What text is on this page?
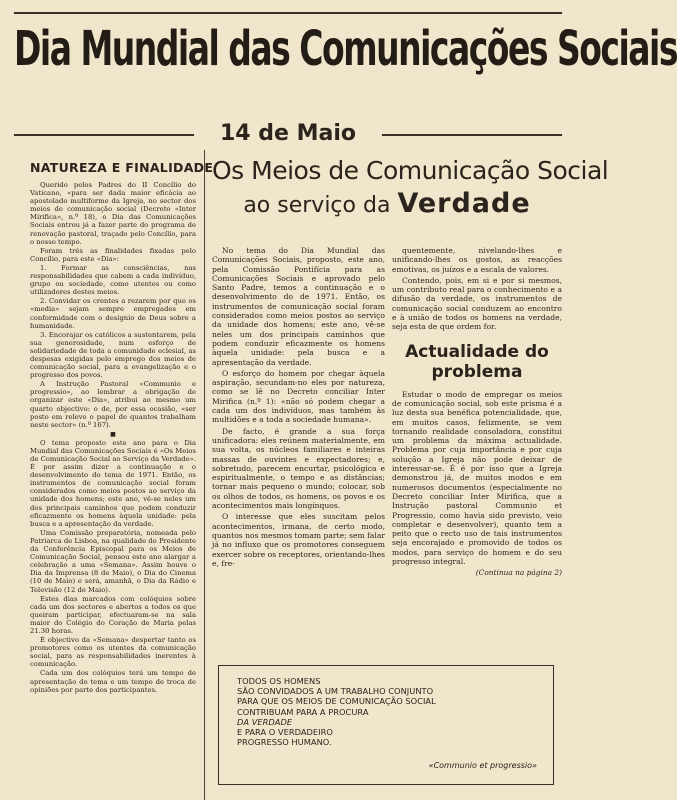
Dia Mundial das Comunicações Sociais
14 de Maio
NATUREZA E FINALIDADE

Querido pelos Padres do II Concílio do Vaticano, «para ser dada maior eficácia ao apostolado multiforme da Igreja, no sector dos meios de comunicação social (Decreto «Inter Mirifica», n.º 18), o Dia das Comunicações Sociais entrou já a fazer parte do programa de renovação pastoral, traçado pelo Concílio, para o nosso tempo.

Foram três as finalidades fixadas pelo Concílio, para este «Dia»:

1. Formar as consciências, nas responsabilidades que cabem a cada indivíduo, grupo ou sociedade, como utentes ou como utilizadores destes meios.

2. Convidar os crentes a rezarem por que os «media» sejam sempre empregados em conformidade com o desígnio de Deus sobre a humanidade.

3. Encorajar os católicos a sustentarem, pela sua generosidade, num esforço de solidariedade de toda a comunidade eclesial, as despesas exigidas pelo emprego dos meios de comunicação social, para a evangelização e o progresso dos povos.

A Instrução Pastoral «Communio e progressio», ao lembrar a obrigação de organizar este «Dia», atribui ao mesmo um quarto objectivo: o de, por essa ocasião, «ser posto em relevo o papel de quantos trabalham neste sector» (n.º 167).

■

O tema proposto este ano para o Dia Mundial das Comunicações Sociais é «Os Meios de Comunicação Social ao Serviço da Verdade». É por assim dizer a continuação e o desenvolvimento do tema de 1971. Então, os instrumentos de comunicação social foram considerados como meios postos ao serviço da unidade dos homens; este ano, vê-se neles um dos principais caminhos que podem conduzir eficazmente os homens àquela unidade: pela busca e a apresentação da verdade.

Uma Comissão preparatória, nomeada pelo Patriarca de Lisboa, na qualidade de Presidente da Conferência Episcopal para os Meios de Comunicação Social, pensou este ano alargar a celebração a uma «Semana». Assim houve o Dia da Imprensa (8 de Maio), o Dia do Cinema (10 de Maio) e será, amanhã, o Dia da Rádio e Televisão (12 de Maio).

Estes dias marcados com colóquios sobre cada um dos sectores e abertos a todos os que queiram participar, efectuaram-se na sala maior do Colégio do Coração de Maria pelas 21.30 horas.

É objectivo da «Semana» despertar tanto os promotores como os utentes da comunicação social, para as responsabilidades inerentes à comunicação.

Cada um dos colóquios terá um tempo de apresentação do tema e um tempo de troca de opiniões por parte dos participantes.

Os Meios de Comunicação Social
ao serviço da Verdade

No tema do Dia Mundial das Comunicações Sociais, proposto, este ano, pela Comissão Pontifícia para as Comunicações Sociais e aprovado pelo Santo Padre, temos a continuação e o desenvolvimento do de 1971. Então, os instrumentos de comunicação social foram considerados como meios postos ao serviço da unidade dos homens; este ano, vê-se neles um dos principais caminhos que podem conduzir eficazmente os homens àquela unidade: pela busca e a apresentação da verdade.

O esforço do homem por chegar àquela aspiração, secundam-no eles por natureza, como se lê no Decreto conciliar Inter Mirifica (n.º 1): «não só podem chegar a cada um dos indivíduos, mas também às multidões e a toda a sociedade humana».

De facto, é grande a sua força unificadora: eles reúnem materialmente, em sua volta, os núcleos familiares e inteiras massas de ouvintes e expectadores; e, sobretudo, parecem encurtar, psicológica e espiritualmente, o tempo e as distâncias; tornar mais pequeno o mundo; colocar, sob os olhos de todos, os homens, os povos e os acontecimentos mais longínquos.

O interesse que eles suscitam pelos acontecimentos, irmana, de certo modo, quantos nos mesmos tomam parte; sem falar já no influxo que os promotores conseguem exercer sobre os receptores, orientando-lhes e, fre-

quentemente, nivelando-lhes e unificando-lhes os gostos, as reacções emotivas, os juízos e a escala de valores.

Contendo, pois, em si e por si mesmos, um contributo real para o conhecimento e a difusão da verdade, os instrumentos de comunicação social conduzem ao encontro e à união de todos os homens na verdade, seja esta de que ordem for.

Actualidade do problema

Estudar o modo de empregar os meios de comunicação social, sob este prisma é a luz desta sua benéfica potencialidade, que, em muitos casos, felizmente, se vem tornando realidade consoladora, constitui um problema da máxima actualidade. Problema por cuja importância e por cuja solução a Igreja não pode deixar de interessar-se. É é por isso que a Igreja demonstrou já, de muitos modos e em numerosos documentos (especialmente no Decreto conciliar Inter Mirifica, que a Instrução pastoral Communio et Progressio, como havia sido previsto, veio completar e desenvolver), quanto tem a peito que o recto uso de tais instrumentos seja encorajado e promovido de todos os modos, para serviço do homem e do seu progresso integral.

(Continua na página 2)
TODOS OS HOMENS
SÃO CONVIDADOS A UM TRABALHO CONJUNTO
PARA QUE OS MEIOS DE COMUNICAÇÃO SOCIAL
CONTRIBUAM PARA A PROCURA
DA VERDADE
E PARA O VERDADEIRO
PROGRESSO HUMANO.
«Communio et progressio»
